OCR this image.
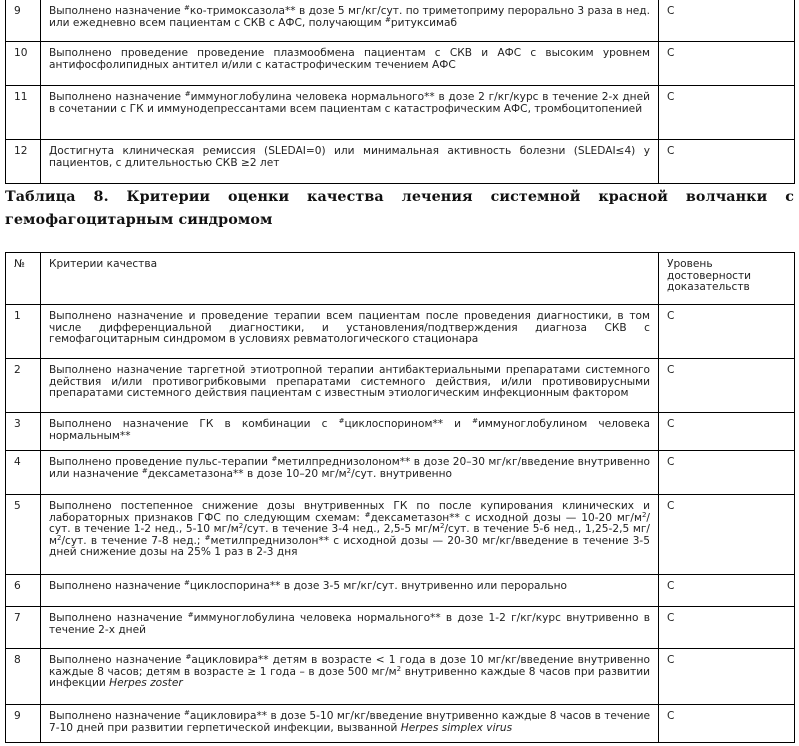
9	Выполнено назначение #ко-тримоксазола** в дозе 5 мг/кг/сут. по триметоприму перорально 3 раза в нед. или ежедневно всем пациентам с СКВ с АФС, получающим #ритуксимаб	С
10	Выполнено проведение проведение плазмообмена пациентам с СКВ и АФС с высоким уровнем антифосфолипидных антител и/или с катастрофическим течением АФС	С
11	Выполнено назначение #иммуноглобулина человека нормального** в дозе 2 г/кг/курс в течение 2-х дней в сочетании с ГК и иммунодепрессантами всем пациентам с катастрофическим АФС, тромбоцитопенией	С
12	Достигнута клиническая ремиссия (SLEDAI=0) или минимальная активность болезни (SLEDAI≤4) у пациентов, с длительностью СКВ ≥2 лет	С
Таблица 8. Критерии оценки качества лечения системной красной волчанки с гемофагоцитарным синдромом
№	Критерии качества	Уровень достоверности доказательств
1	Выполнено назначение и проведение терапии всем пациентам после проведения диагностики, в том числе дифференциальной диагностики, и установления/подтверждения диагноза СКВ с гемофагоцитарным синдромом в условиях ревматологического стационара	С
2	Выполнено назначение таргетной этиотропной терапии антибактериальными препаратами системного действия и/или противогрибковыми препаратами системного действия, и/или противовирусными препаратами системного действия пациентам с известным этиологическим инфекционным фактором	С
3	Выполнено назначение ГК в комбинации с #циклоспорином** и #иммуноглобулином человека нормальным**	С
4	Выполнено проведение пульс-терапии #метилпреднизолоном** в дозе 20–30 мг/кг/введение внутривенно или назначение #дексаметазона** в дозе 10–20 $мг/м^2$/сут. внутривенно	С
5	Выполнено постепенное снижение дозы внутривенных ГК по после купирования клинических и лабораторных признаков ГФС по следующим схемам: #дексаметазон** с исходной дозы — 10-20 $мг/м^2$/сут. в течение 1-2 нед., 5-10 $мг/м^2$/сут. в течение 3-4 нед., 2,5-5 $мг/м^2$/сут. в течение 5-6 нед., 1,25-2,5 $мг/м^2$/сут. в течение 7-8 нед.; #метилпреднизолон** с исходной дозы — 20-30 мг/кг/введение в течение 3-5 дней снижение дозы на 25% 1 раз в 2-3 дня	С
6	Выполнено назначение #циклоспорина** в дозе 3-5 мг/кг/сут. внутривенно или перорально	С
7	Выполнено назначение #иммуноглобулина человека нормального** в дозе 1-2 г/кг/курс внутривенно в течение 2-х дней	С
8	Выполнено назначение #ацикловира** детям в возрасте < 1 года в дозе 10 мг/кг/введение внутривенно каждые 8 часов; детям в возрасте ≥ 1 года – в дозе 500 $мг/м^2$ внутривенно каждые 8 часов при развитии инфекции Herpes zoster	С
9	Выполнено назначение #ацикловира** в дозе 5-10 мг/кг/введение внутривенно каждые 8 часов в течение 7-10 дней при развитии герпетической инфекции, вызванной Herpes simplex virus	С
